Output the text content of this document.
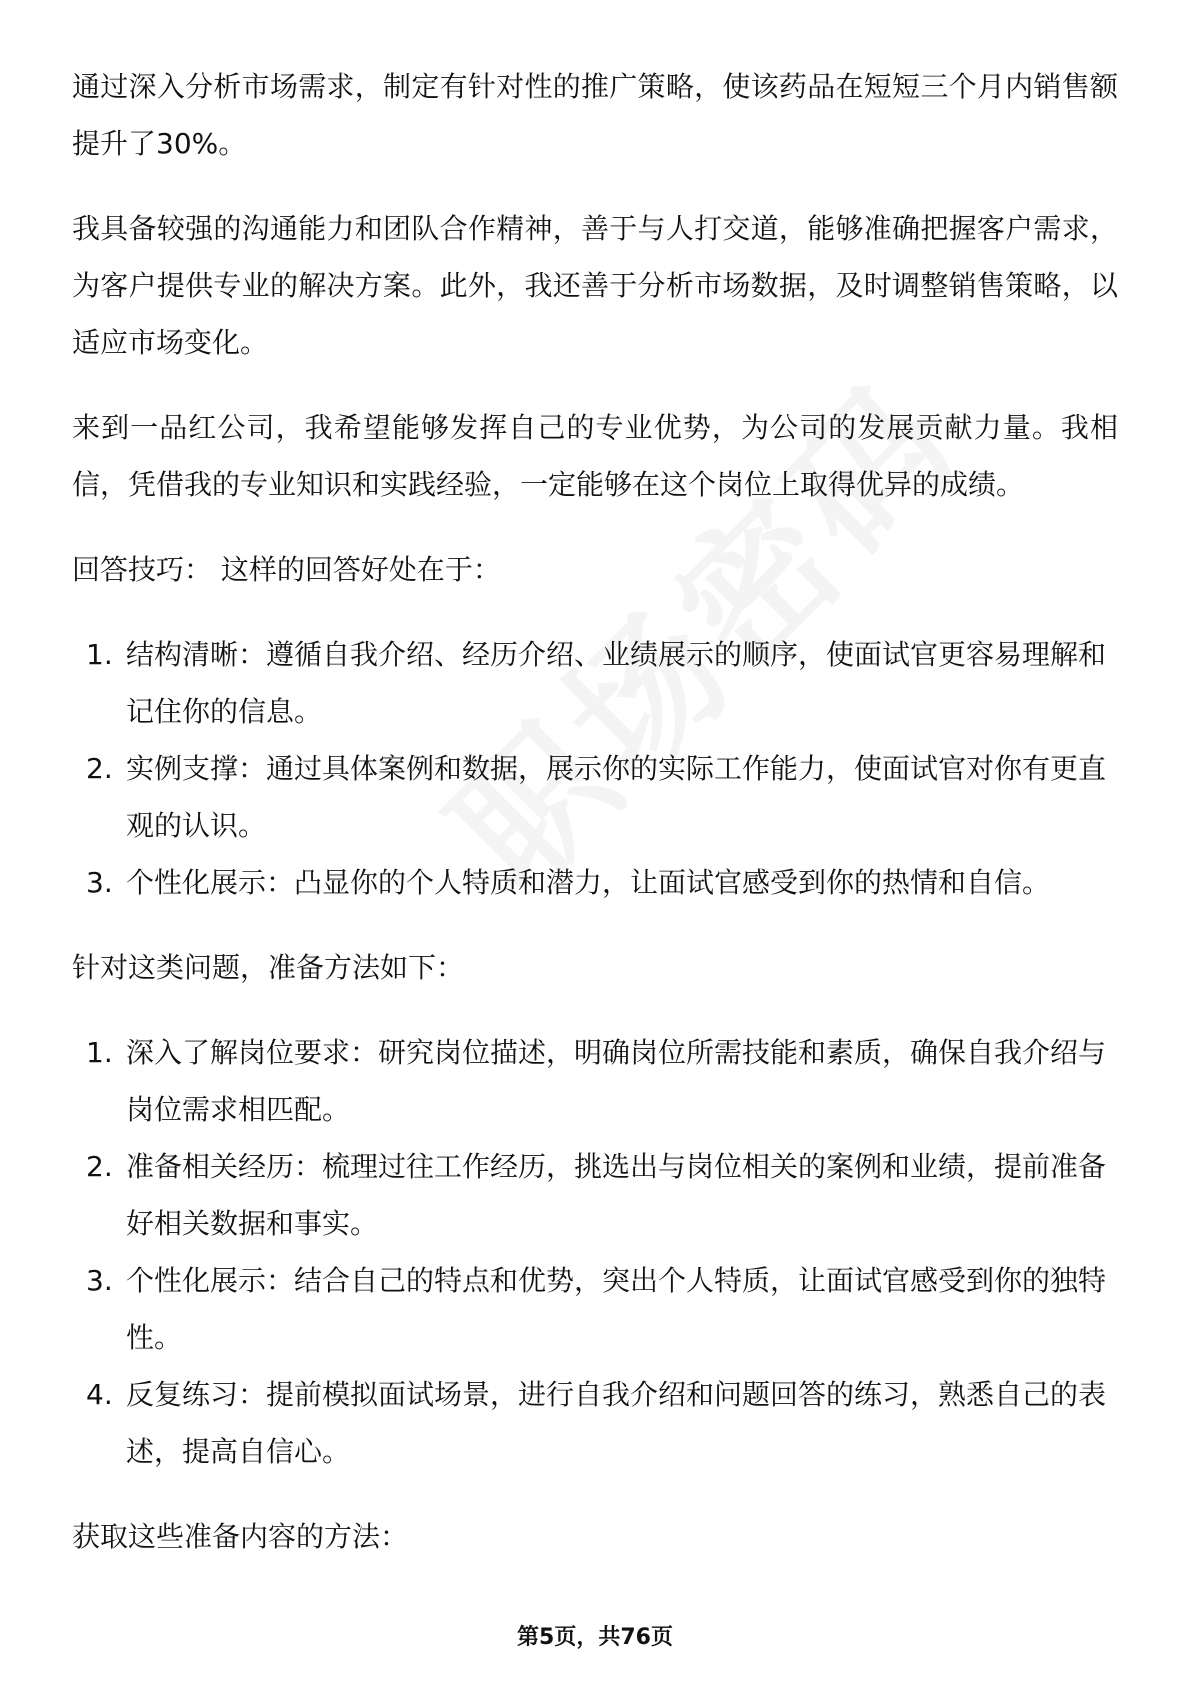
通过深入分析市场需求，制定有针对性的推广策略，使该药品在短短三个月内销售额提升了30%。

我具备较强的沟通能力和团队合作精神，善于与人打交道，能够准确把握客户需求，为客户提供专业的解决方案。此外，我还善于分析市场数据，及时调整销售策略，以适应市场变化。

来到一品红公司，我希望能够发挥自己的专业优势，为公司的发展贡献力量。我相信，凭借我的专业知识和实践经验，一定能够在这个岗位上取得优异的成绩。

回答技巧： 这样的回答好处在于：

1. 结构清晰：遵循自我介绍、经历介绍、业绩展示的顺序，使面试官更容易理解和记住你的信息。
2. 实例支撑：通过具体案例和数据，展示你的实际工作能力，使面试官对你有更直观的认识。
3. 个性化展示：凸显你的个人特质和潜力，让面试官感受到你的热情和自信。

针对这类问题，准备方法如下：

1. 深入了解岗位要求：研究岗位描述，明确岗位所需技能和素质，确保自我介绍与岗位需求相匹配。
2. 准备相关经历：梳理过往工作经历，挑选出与岗位相关的案例和业绩，提前准备好相关数据和事实。
3. 个性化展示：结合自己的特点和优势，突出个人特质，让面试官感受到你的独特性。
4. 反复练习：提前模拟面试场景，进行自我介绍和问题回答的练习，熟悉自己的表述，提高自信心。

获取这些准备内容的方法：

第5页，共76页
